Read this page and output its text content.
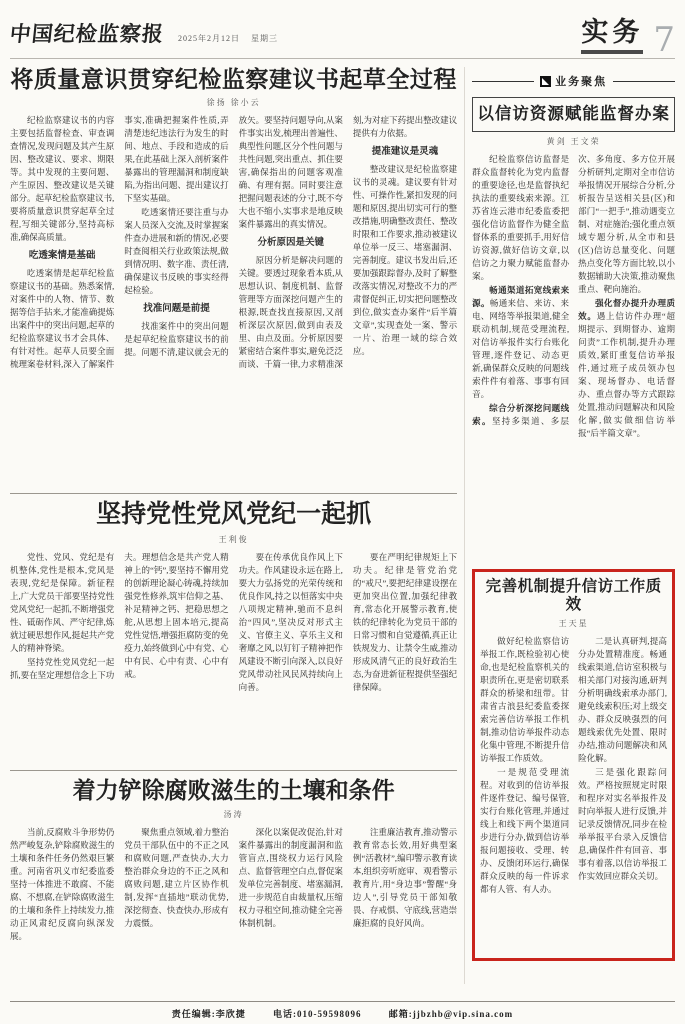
中国纪检监察报 2025年2月12日 星期三	实务 7
将质量意识贯穿纪检监察建议书起草全过程
徐扬 徐小云

纪检监察建议书的内容主要包括监督检查、审查调查情况,发现问题及其产生原因、整改建议、要求、期限等。其中发现的主要问题、产生原因、整改建议是关键部分。起草纪检监察建议书,要将质量意识贯穿起草全过程,写细关键部分,坚持高标准,确保高质量。

吃透案情是基础

吃透案情是起草纪检监察建议书的基础。熟悉案情,对案件中的人物、情节、数据等信手拈来,才能准确提炼出案件中的突出问题,起草的纪检监察建议书才会具体、有针对性。起草人员要全面梳理案卷材料,深入了解案件事实,准确把握案件性质,弄清楚违纪违法行为发生的时间、地点、手段和造成的后果,在此基础上深入剖析案件暴露出的管理漏洞和制度缺陷,为指出问题、提出建议打下坚实基础。

吃透案情还要注重与办案人员深入交流,及时掌握案件查办进展和新的情况,必要时查阅相关行业政策法规,做到情况明、数字准、责任清,确保建议书反映的事实经得起检验。

找准问题是前提

找准案件中的突出问题是起草纪检监察建议书的前提。问题不清,建议就会无的放矢。要坚持问题导向,从案件事实出发,梳理出普遍性、典型性问题,区分个性问题与共性问题,突出重点、抓住要害,确保指出的问题客观准确、有理有据。同时要注意把握问题表述的分寸,既不夸大也不缩小,实事求是地反映案件暴露出的真实情况。

分析原因是关键

原因分析是解决问题的关键。要透过现象看本质,从思想认识、制度机制、监督管理等方面深挖问题产生的根源,既查找直接原因,又剖析深层次原因,做到由表及里、由点及面。分析原因要紧密结合案件事实,避免泛泛而谈、千篇一律,力求精准深刻,为对症下药提出整改建议提供有力依据。

提准建议是灵魂

整改建议是纪检监察建议书的灵魂。建议要有针对性、可操作性,紧扣发现的问题和原因,提出切实可行的整改措施,明确整改责任、整改时限和工作要求,推动被建议单位举一反三、堵塞漏洞、完善制度。建议书发出后,还要加强跟踪督办,及时了解整改落实情况,对整改不力的严肃督促纠正,切实把问题整改到位,做实查办案件“后半篇文章”,实现查处一案、警示一片、治理一域的综合效应。

坚持党性党风党纪一起抓
王利俊

党性、党风、党纪是有机整体,党性是根本,党风是表现,党纪是保障。新征程上,广大党员干部要坚持党性党风党纪一起抓,不断增强党性、砥砺作风、严守纪律,炼就过硬思想作风,挺起共产党人的精神脊梁。

坚持党性党风党纪一起抓,要在坚定理想信念上下功夫。理想信念是共产党人精神上的“钙”,要坚持不懈用党的创新理论凝心铸魂,持续加强党性修养,筑牢信仰之基、补足精神之钙、把稳思想之舵,从思想上固本培元,提高党性觉悟,增强拒腐防变的免疫力,始终做到心中有党、心中有民、心中有责、心中有戒。

要在传承优良作风上下功夫。作风建设永远在路上,要大力弘扬党的光荣传统和优良作风,持之以恒落实中央八项规定精神,驰而不息纠治“四风”,坚决反对形式主义、官僚主义、享乐主义和奢靡之风,以钉钉子精神把作风建设不断引向深入,以良好党风带动社风民风持续向上向善。

要在严明纪律规矩上下功夫。纪律是管党治党的“戒尺”,要把纪律建设摆在更加突出位置,加强纪律教育,常态化开展警示教育,使铁的纪律转化为党员干部的日常习惯和自觉遵循,真正让铁规发力、让禁令生威,推动形成风清气正的良好政治生态,为奋进新征程提供坚强纪律保障。

着力铲除腐败滋生的土壤和条件
汤涛

当前,反腐败斗争形势仍然严峻复杂,铲除腐败滋生的土壤和条件任务仍然艰巨繁重。河南省巩义市纪委监委坚持一体推进不敢腐、不能腐、不想腐,在铲除腐败滋生的土壤和条件上持续发力,推动正风肃纪反腐向纵深发展。

聚焦重点领域,着力整治党员干部队伍中的不正之风和腐败问题,严查快办,大力整治群众身边的不正之风和腐败问题,建立片区协作机制,发挥“直插地”联动优势,深挖彻查、快查快办,形成有力震慑。

深化以案促改促治,针对案件暴露出的制度漏洞和监管盲点,围绕权力运行风险点、监督管理空白点,督促案发单位完善制度、堵塞漏洞,进一步规范自由裁量权,压缩权力寻租空间,推动健全完善体制机制。

注重廉洁教育,推动警示教育常态长效,用好典型案例“活教材”,编印警示教育读本,组织旁听庭审、观看警示教育片,用“身边事”警醒“身边人”,引导党员干部知敬畏、存戒惧、守底线,营造崇廉拒腐的良好风尚。

业务聚焦
以信访资源赋能监督办案
黄剑 王文荣

纪检监察信访监督是群众监督转化为党内监督的重要途径,也是监督执纪执法的重要线索来源。江苏省连云港市纪委监委把强化信访监督作为健全监督体系的重要抓手,用好信访资源,做好信访文章,以信访之力聚力赋能监督办案。

畅通渠道拓宽线索来源。畅通来信、来访、来电、网络等举报渠道,健全联动机制,规范受理流程,对信访举报件实行台账化管理,逐件登记、动态更新,确保群众反映的问题线索件件有着落、事事有回音。

综合分析深挖问题线索。坚持多渠道、多层次、多角度、多方位开展分析研判,定期对全市信访举报情况开展综合分析,分析报告呈送相关县(区)和部门“一把手”,推动遇变立制、对症施治;强化重点领域专题分析,从全市和县(区)信访总量变化、问题热点变化等方面比较,以小数据辅助大决策,推动聚焦重点、靶向施治。

强化督办提升办理质效。遇上信访件办理“超期提示、到期督办、逾期问责”工作机制,提升办理质效,紧盯重复信访举报件,通过班子成员领办包案、现场督办、电话督办、重点督办等方式跟踪处置,推动问题解决和风险化解,做实做细信访举报“后半篇文章”。

完善机制提升信访工作质效
王天星

做好纪检监察信访举报工作,既检验初心使命,也是纪检监察机关的职责所在,更是密切联系群众的桥梁和纽带。甘肃省古浪县纪委监委探索完善信访举报工作机制,推动信访举报件动态化集中管理,不断提升信访举报工作质效。

一是规范受理流程。对收到的信访举报件逐件登记、编号保管,实行台账化管理,并通过线上和线下两个渠道同步进行分办,做到信访举报问题接收、受理、转办、反馈闭环运行,确保群众反映的每一件诉求都有人管、有人办。

二是认真研判,提高分办处置精准度。畅通线索渠道,信访室积极与相关部门对接沟通,研判分析明确线索承办部门,避免线索积压;对上级交办、群众反映强烈的问题线索优先处置、限时办结,推动问题解决和风险化解。

三是强化跟踪问效。严格按照规定时限和程序对实名举报件及时向举报人进行反馈,并记录反馈情况,同步在检举举报平台录入反馈信息,确保件件有回音、事事有着落,以信访举报工作实效回应群众关切。

责任编辑:李欣捷	电话:010-59598096	邮箱:jjbzhb@vip.sina.com
